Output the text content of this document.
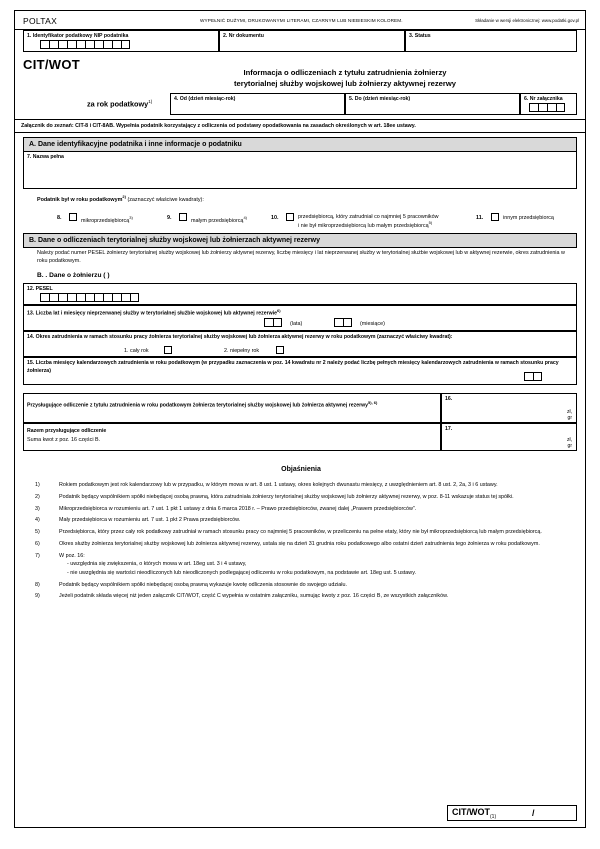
POLTAX	WYPEŁNIĆ DUŻYMI, DRUKOWANYMI LITERAMI, CZARNYM LUB NIEBIESKIM KOLOREM.	Składanie w wersji elektronicznej: www.podatki.gov.pl
1. Identyfikator podatkowy NIP podatnika	2. Nr dokumentu	3. Status
CIT/WOT
Informacja o odliczeniach z tytułu zatrudnienia żołnierzy
terytorialnej służby wojskowej lub żołnierzy aktywnej rezerwy
za rok podatkowy$^{1)}$	4. Od (dzień miesiąc-rok)	5. Do (dzień miesiąc-rok)	6. Nr załącznika
Załącznik do zeznań: CIT-8 i CIT-8AB. Wypełnia podatnik korzystający z odliczenia od podstawy opodatkowania na zasadach określonych w art. 18ee ustawy.
A. Dane identyfikacyjne podatnika i inne informacje o podatniku
7. Nazwa pełna
Podatnik był w roku podatkowym$^{2)}$ (zaznaczyć właściwe kwadraty):
8.	mikroprzedsiębiorcą$^{3)}$	9.	małym przedsiębiorcą$^{4)}$	10.	przedsiębiorcą, który zatrudniał co najmniej 5 pracowników
i nie był mikroprzedsiębiorcą lub małym przedsiębiorcą$^{5)}$
11.	innym przedsiębiorcą
B. Dane o odliczeniach terytorialnej służby wojskowej lub żołnierzach aktywnej rezerwy
Należy podać numer PESEL żołnierzy terytorialnej służby wojskowej lub żołnierzy aktywnej rezerwy, liczbę miesięcy i lat nieprzerwanej służby w terytorialnej służbie wojskowej lub w aktywnej rezerwie, okres zatrudnienia w roku podatkowym.
B. . Dane o żołnierzu ( )
12. PESEL
13. Liczba lat i miesięcy nieprzerwanej służby w terytorialnej służbie wojskowej lub aktywnej rezerwie$^{6)}$
(lata)	(miesiące)
14. Okres zatrudnienia w ramach stosunku pracy żołnierza terytorialnej służby wojskowej lub żołnierza aktywnej rezerwy w roku podatkowym (zaznaczyć właściwy kwadrat):
1. cały rok	2. niepełny rok
15. Liczba miesięcy kalendarzowych zatrudnienia w roku podatkowym (w przypadku zaznaczenia w poz. 14 kwadratu nr 2 należy podać liczbę pełnych miesięcy kalendarzowych zatrudnienia w ramach stosunku pracy żołnierza)
Przysługujące odliczenie z tytułu zatrudnienia w roku podatkowym żołnierza terytorialnej służby wojskowej lub żołnierza aktywnej rezerwy$^{5), 6)}$
16.
zł,
gr
Razem przysługujące odliczenie
Suma kwot z poz. 16 części B.
17.
zł,
gr
Objaśnienia
1)	Rokiem podatkowym jest rok kalendarzowy lub w przypadku, w którym mowa w art. 8 ust. 1 ustawy, okres kolejnych dwunastu miesięcy, z uwzględnieniem art. 8 ust. 2, 2a, 3 i 6 ustawy.
2)	Podatnik będący wspólnikiem spółki niebędącej osobą prawną, która zatrudniała żołnierzy terytorialnej służby wojskowej lub żołnierzy aktywnej rezerwy, w poz. 8-11 wskazuje status tej spółki.
3)	Mikroprzedsiębiorca w rozumieniu art. 7 ust. 1 pkt 1 ustawy z dnia 6 marca 2018 r. – Prawo przedsiębiorców, zwanej dalej „Prawem przedsiębiorców”.
4)	Mały przedsiębiorca w rozumieniu art. 7 ust. 1 pkt 2 Prawa przedsiębiorców.
5)	Przedsiębiorca, który przez cały rok podatkowy zatrudniał w ramach stosunku pracy co najmniej 5 pracowników, w przeliczeniu na pełne etaty, który nie był mikroprzedsiębiorcą lub małym przedsiębiorcą.
6)	Okres służby żołnierza terytorialnej służby wojskowej lub żołnierza aktywnej rezerwy, ustala się na dzień 31 grudnia roku podatkowego albo ostatni dzień zatrudnienia tego żołnierza w roku podatkowym.
7)	W poz. 16:
- uwzględnia się zwiększenia, o których mowa w art. 18eg ust. 3 i 4 ustawy,
- nie uwzględnia się wartości nieodliczonych lub nieodliczonych podlegającej odliczeniu w roku podatkowym, na podstawie art. 18eg ust. 5 ustawy.
8)	Podatnik będący wspólnikiem spółki niebędącej osobą prawną wykazuje kwotę odliczenia stosownie do swojego udziału.
9)	Jeżeli podatnik składa więcej niż jeden załącznik CIT/WOT, część C wypełnia w ostatnim załączniku, sumując kwoty z poz. 16 części B, ze wszystkich załączników.
CIT/$WOT_{(1)}$	/
